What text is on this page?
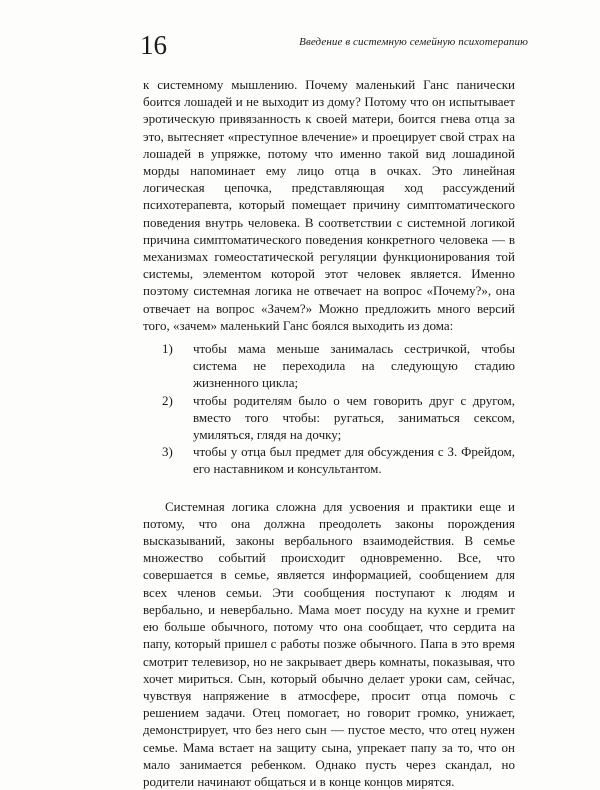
16	Введение в системную семейную психотерапию

к системному мышлению. Почему маленький Ганс панически боится лошадей и не выходит из дому? Потому что он испытывает эротическую привязанность к своей матери, боится гнева отца за это, вытесняет «преступное влечение» и проецирует свой страх на лошадей в упряжке, потому что именно такой вид лошадиной морды напоминает ему лицо отца в очках. Это линейная логическая цепочка, представляющая ход рассуждений психотерапевта, который помещает причину симптоматического поведения внутрь человека. В соответствии с системной логикой причина симптоматического поведения конкретного человека — в механизмах гомеостатической регуляции функционирования той системы, элементом которой этот человек является. Именно поэтому системная логика не отвечает на вопрос «Почему?», она отвечает на вопрос «Зачем?» Можно предложить много версий того, «зачем» маленький Ганс боялся выходить из дома:

1) чтобы мама меньше занималась сестричкой, чтобы система не переходила на следующую стадию жизненного цикла;
2) чтобы родителям было о чем говорить друг с другом, вместо того чтобы: ругаться, заниматься сексом, умиляться, глядя на дочку;
3) чтобы у отца был предмет для обсуждения с З. Фрейдом, его наставником и консультантом.

Системная логика сложна для усвоения и практики еще и потому, что она должна преодолеть законы порождения высказываний, законы вербального взаимодействия. В семье множество событий происходит одновременно. Все, что совершается в семье, является информацией, сообщением для всех членов семьи. Эти сообщения поступают к людям и вербально, и невербально. Мама моет посуду на кухне и гремит ею больше обычного, потому что она сообщает, что сердита на папу, который пришел с работы позже обычного. Папа в это время смотрит телевизор, но не закрывает дверь комнаты, показывая, что хочет мириться. Сын, который обычно делает уроки сам, сейчас, чувствуя напряжение в атмосфере, просит отца помочь с решением задачи. Отец помогает, но говорит громко, унижает, демонстрирует, что без него сын — пустое место, что отец нужен семье. Мама встает на защиту сына, упрекает папу за то, что он мало занимается ребенком. Однако пусть через скандал, но родители начинают общаться и в конце концов мирятся.
